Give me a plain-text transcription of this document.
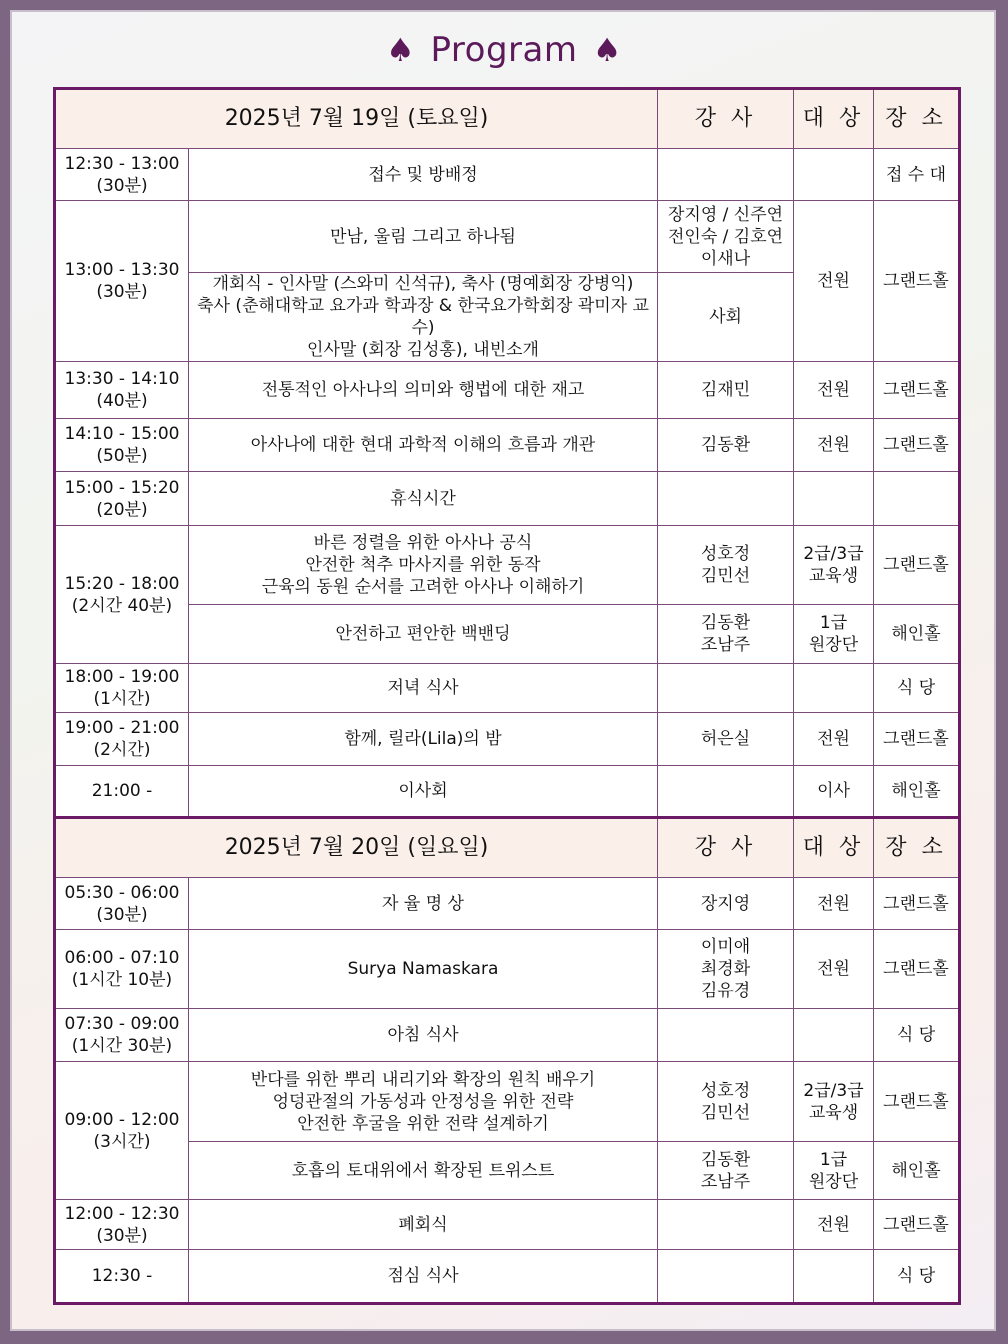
♠ Program ♠
2025년 7월 19일 (토요일)		강 사	대 상	장 소
12:30 - 13:00
(30분)	접수 및 방배정			접 수 대
13:00 - 13:30
(30분)	만남, 울림 그리고 하나됨	장지영 / 신주연
전인숙 / 김호연
이새나	전원	그랜드홀
	개회식 - 인사말 (스와미 신석규), 축사 (명예회장 강병익)
축사 (춘해대학교 요가과 학과장 & 한국요가학회장 곽미자 교수)
인사말 (회장 김성홍), 내빈소개	사회		
13:30 - 14:10
(40분)	전통적인 아사나의 의미와 행법에 대한 재고	김재민	전원	그랜드홀
14:10 - 15:00
(50분)	아사나에 대한 현대 과학적 이해의 흐름과 개관	김동환	전원	그랜드홀
15:00 - 15:20
(20분)	휴식시간			
15:20 - 18:00
(2시간 40분)	바른 정렬을 위한 아사나 공식
안전한 척추 마사지를 위한 동작
근육의 동원 순서를 고려한 아사나 이해하기	성호정
김민선	2급/3급
교육생	그랜드홀
	안전하고 편안한 백밴딩	김동환
조남주	1급
원장단	해인홀
18:00 - 19:00
(1시간)	저녁 식사			식 당
19:00 - 21:00
(2시간)	함께, 릴라(Lila)의 밤	허은실	전원	그랜드홀
21:00 -	이사회		이사	해인홀
2025년 7월 20일 (일요일)		강 사	대 상	장 소
05:30 - 06:00
(30분)	자 율 명 상	장지영	전원	그랜드홀
06:00 - 07:10
(1시간 10분)	Surya Namaskara	이미애
최경화
김유경	전원	그랜드홀
07:30 - 09:00
(1시간 30분)	아침 식사			식 당
09:00 - 12:00
(3시간)	반다를 위한 뿌리 내리기와 확장의 원칙 배우기
엉덩관절의 가동성과 안정성을 위한 전략
안전한 후굴을 위한 전략 설계하기	성호정
김민선	2급/3급
교육생	그랜드홀
	호흡의 토대위에서 확장된 트위스트	김동환
조남주	1급
원장단	해인홀
12:00 - 12:30
(30분)	폐회식		전원	그랜드홀
12:30 -	점심 식사			식 당
